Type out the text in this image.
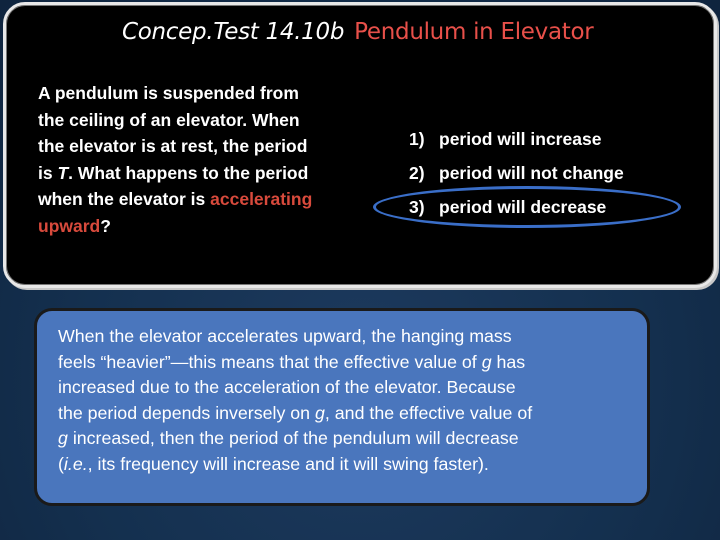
Concep.Test 14.10b Pendulum in Elevator
A pendulum is suspended from
the ceiling of an elevator. When
the elevator is at rest, the period
is T. What happens to the period
when the elevator is accelerating
upward?
1) period will increase
2) period will not change
3) period will decrease
When the elevator accelerates upward, the hanging mass
feels “heavier”—this means that the effective value of g has
increased due to the acceleration of the elevator. Because
the period depends inversely on g, and the effective value of
g increased, then the period of the pendulum will decrease
(i.e., its frequency will increase and it will swing faster).
